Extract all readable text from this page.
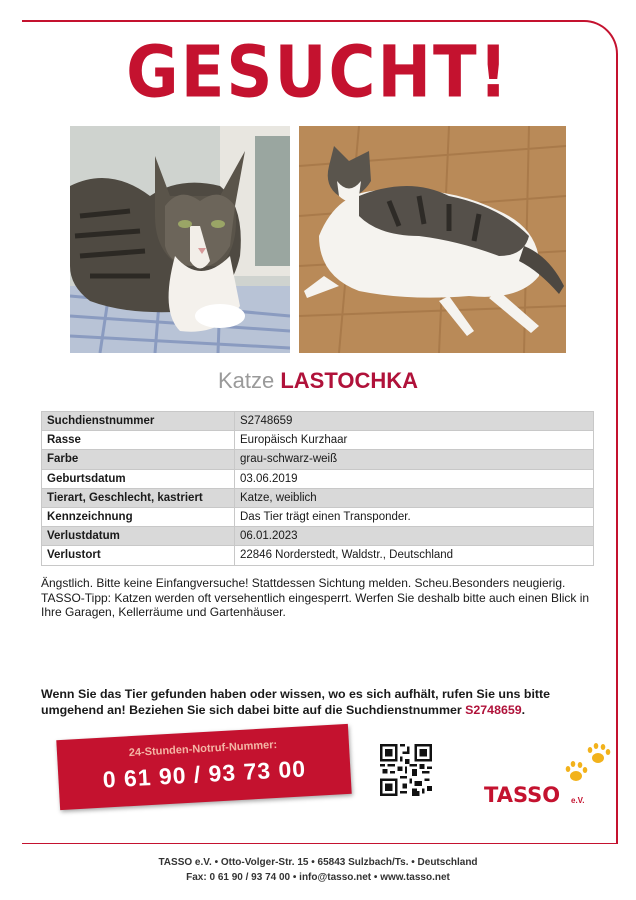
GESUCHT!
Katze LASTOCHKA
Suchdienstnummer	S2748659
Rasse	Europäisch Kurzhaar
Farbe	grau-schwarz-weiß
Geburtsdatum	03.06.2019
Tierart, Geschlecht, kastriert	Katze, weiblich
Kennzeichnung	Das Tier trägt einen Transponder.
Verlustdatum	06.01.2023
Verlustort	22846 Norderstedt, Waldstr., Deutschland
Ängstlich. Bitte keine Einfangversuche! Stattdessen Sichtung melden. Scheu.Besonders neugierig.
TASSO-Tipp: Katzen werden oft versehentlich eingesperrt. Werfen Sie deshalb bitte auch einen Blick in
Ihre Garagen, Kellerräume und Gartenhäuser.
Wenn Sie das Tier gefunden haben oder wissen, wo es sich aufhält, rufen Sie uns bitte
umgehend an! Beziehen Sie sich dabei bitte auf die Suchdienstnummer S2748659.
24-Stunden-Notruf-Nummer:
0 61 90 / 93 73 00
TASSO e.V.
TASSO e.V. • Otto-Volger-Str. 15 • 65843 Sulzbach/Ts. • Deutschland
Fax: 0 61 90 / 93 74 00 • info@tasso.net • www.tasso.net
